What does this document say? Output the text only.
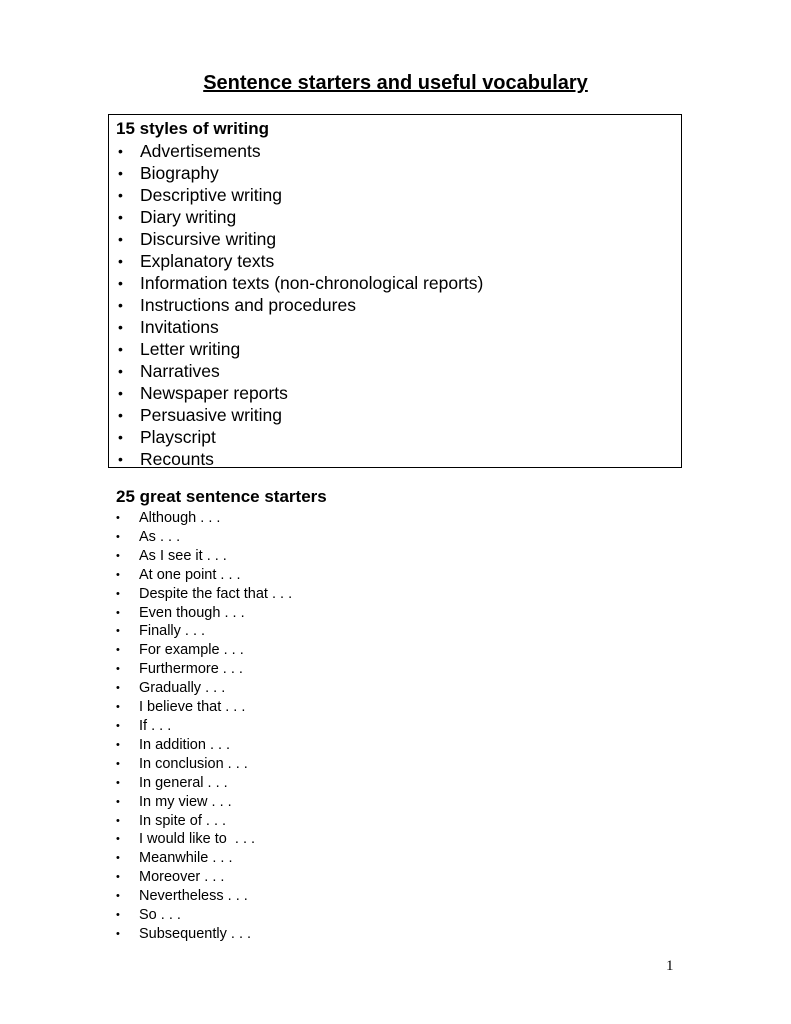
Sentence starters and useful vocabulary

15 styles of writing

• Advertisements
• Biography
• Descriptive writing
• Diary writing
• Discursive writing
• Explanatory texts
• Information texts (non-chronological reports)
• Instructions and procedures
• Invitations
• Letter writing
• Narratives
• Newspaper reports
• Persuasive writing
• Playscript
• Recounts

25 great sentence starters

• Although . . .
• As . . .
• As I see it . . .
• At one point . . .
• Despite the fact that . . .
• Even though . . .
• Finally . . .
• For example . . .
• Furthermore . . .
• Gradually . . .
• I believe that . . .
• If . . .
• In addition . . .
• In conclusion . . .
• In general . . .
• In my view . . .
• In spite of . . .
• I would like to  . . .
• Meanwhile . . .
• Moreover . . .
• Nevertheless . . .
• So . . .
• Subsequently . . .

1
